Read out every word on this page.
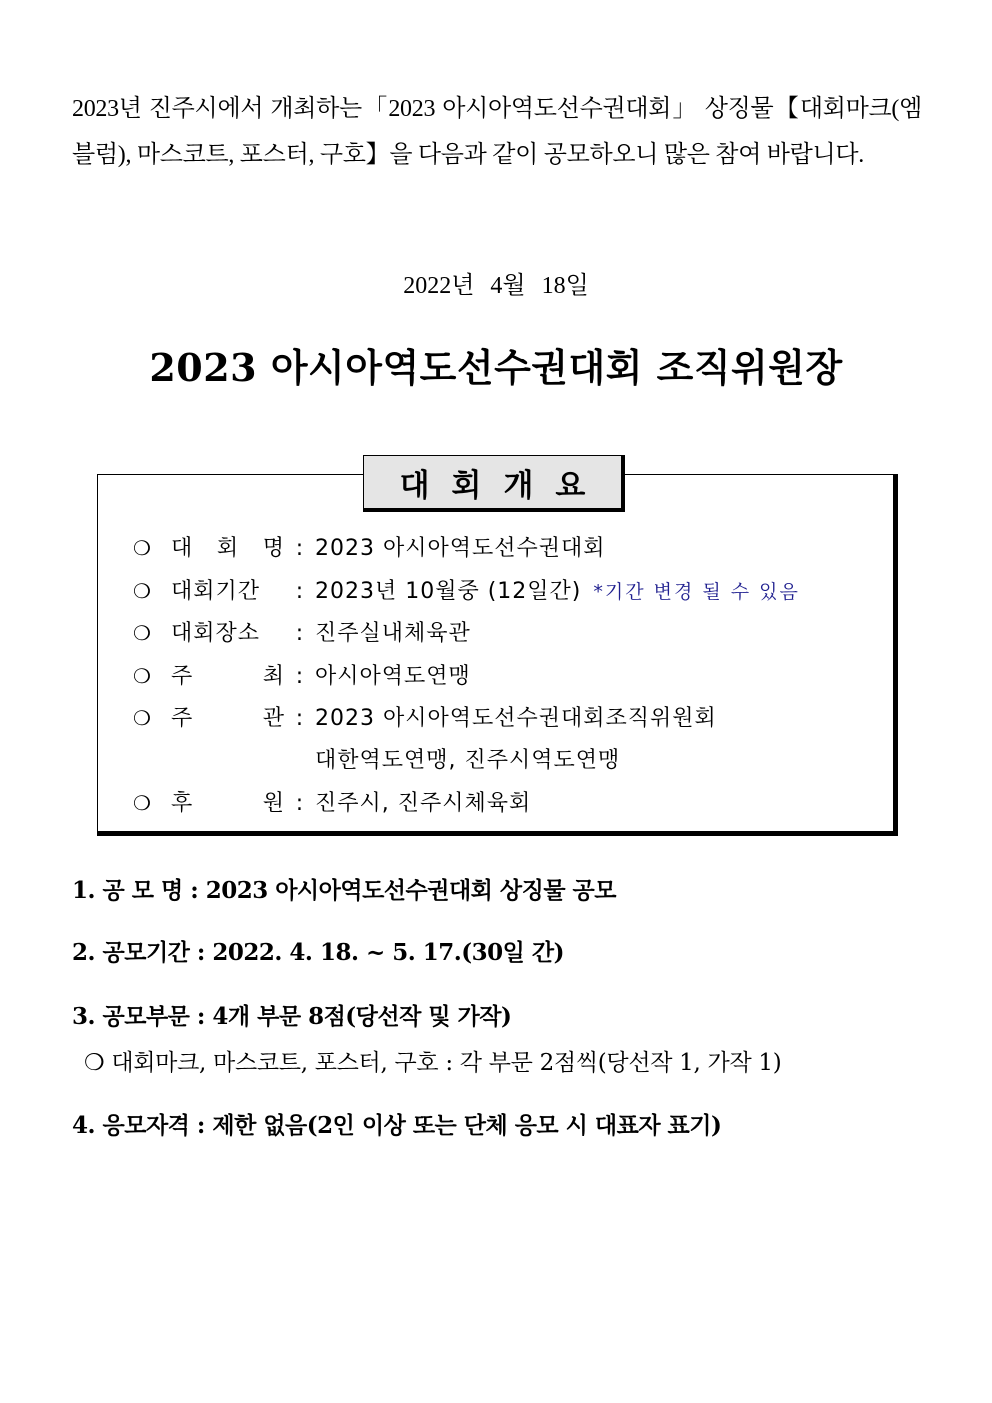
2023년 진주시에서 개최하는「2023 아시아역도선수권대회」 상징물【대회마크(엠블럼), 마스코트, 포스터, 구호】을 다음과 같이 공모하오니 많은 참여 바랍니다.
2022년 4월 18일
2023 아시아역도선수권대회 조직위원장
대회개요
❍ 대 회 명 : 2023 아시아역도선수권대회
❍ 대회기간	: 2023년 10월중 (12일간) *기간 변경 될 수 있음
❍ 대회장소	: 진주실내체육관
❍ 주	최 : 아시아역도연맹
❍ 주	관 : 2023 아시아역도선수권대회조직위원회
대한역도연맹, 진주시역도연맹
❍ 후	원 : 진주시, 진주시체육회
1. 공 모 명 : 2023 아시아역도선수권대회 상징물 공모
2. 공모기간 : 2022. 4. 18. ~ 5. 17.(30일 간)
3. 공모부문 : 4개 부문 8점(당선작 및 가작)
❍ 대회마크, 마스코트, 포스터, 구호 : 각 부문 2점씩(당선작 1, 가작 1)
4. 응모자격 : 제한 없음(2인 이상 또는 단체 응모 시 대표자 표기)
